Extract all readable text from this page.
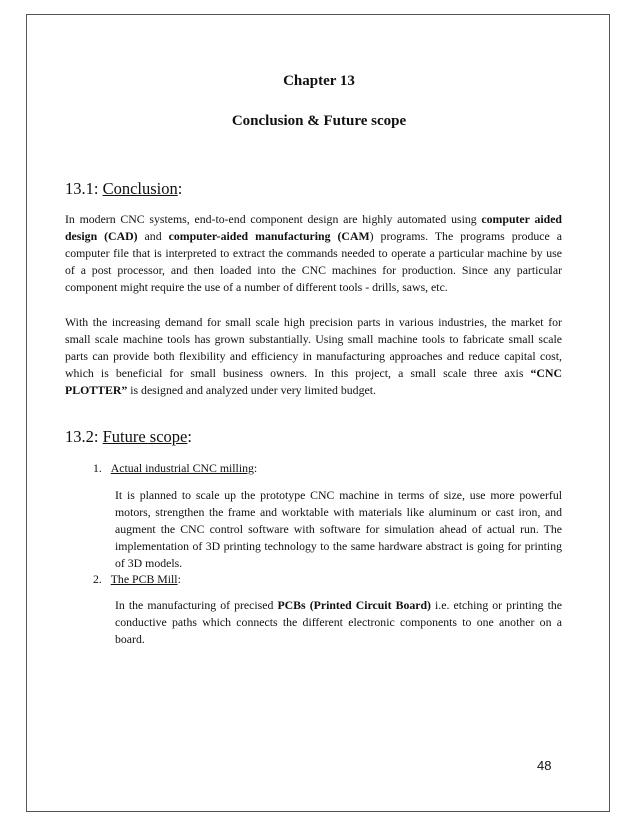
Chapter 13
Conclusion & Future scope
13.1: Conclusion:
In modern CNC systems, end-to-end component design are highly automated using computer aided design (CAD) and computer-aided manufacturing (CAM) programs. The programs produce a computer file that is interpreted to extract the commands needed to operate a particular machine by use of a post processor, and then loaded into the CNC machines for production. Since any particular component might require the use of a number of different tools - drills, saws, etc.
With the increasing demand for small scale high precision parts in various industries, the market for small scale machine tools has grown substantially. Using small machine tools to fabricate small scale parts can provide both flexibility and efficiency in manufacturing approaches and reduce capital cost, which is beneficial for small business owners. In this project, a small scale three axis “CNC PLOTTER” is designed and analyzed under very limited budget.
13.2: Future scope:
1. Actual industrial CNC milling:
It is planned to scale up the prototype CNC machine in terms of size, use more powerful motors, strengthen the frame and worktable with materials like aluminum or cast iron, and augment the CNC control software with software for simulation ahead of actual run. The implementation of 3D printing technology to the same hardware abstract is going for printing of 3D models.
2. The PCB Mill:
In the manufacturing of precised PCBs (Printed Circuit Board) i.e. etching or printing the conductive paths which connects the different electronic components to one another on a board.
48
